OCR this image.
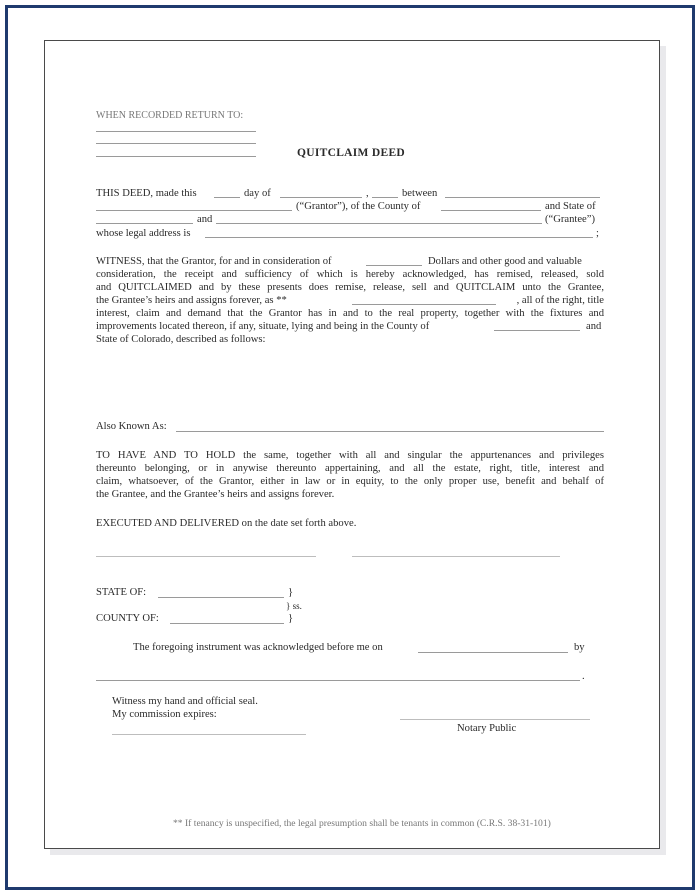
WHEN RECORDED RETURN TO:
QUITCLAIM DEED
THIS DEED, made this	day of	,	between
(“Grantor”), of the County of	and State of
and	(“Grantee”)
whose legal address is	;
WITNESS, that the Grantor, for and in consideration of	Dollars and other good and valuable
consideration, the receipt and sufficiency of which is hereby acknowledged, has remised, released, sold
and QUITCLAIMED and by these presents does remise, release, sell and QUITCLAIM unto the Grantee,
the Grantee’s heirs and assigns forever, as **	, all of the right, title
interest, claim and demand that the Grantor has in and to the real property, together with the fixtures and
improvements located thereon, if any, situate, lying and being in the County of	and
State of Colorado, described as follows:
Also Known As:
TO HAVE AND TO HOLD the same, together with all and singular the appurtenances and privileges
thereunto belonging, or in anywise thereunto appertaining, and all the estate, right, title, interest and
claim, whatsoever, of the Grantor, either in law or in equity, to the only proper use, benefit and behalf of
the Grantee, and the Grantee’s heirs and assigns forever.
EXECUTED AND DELIVERED on the date set forth above.
STATE OF:	}
} ss.
COUNTY OF:	}
The foregoing instrument was acknowledged before me on	by
.
Witness my hand and official seal.
My commission expires:
Notary Public
** If tenancy is unspecified, the legal presumption shall be tenants in common (C.R.S. 38-31-101)
